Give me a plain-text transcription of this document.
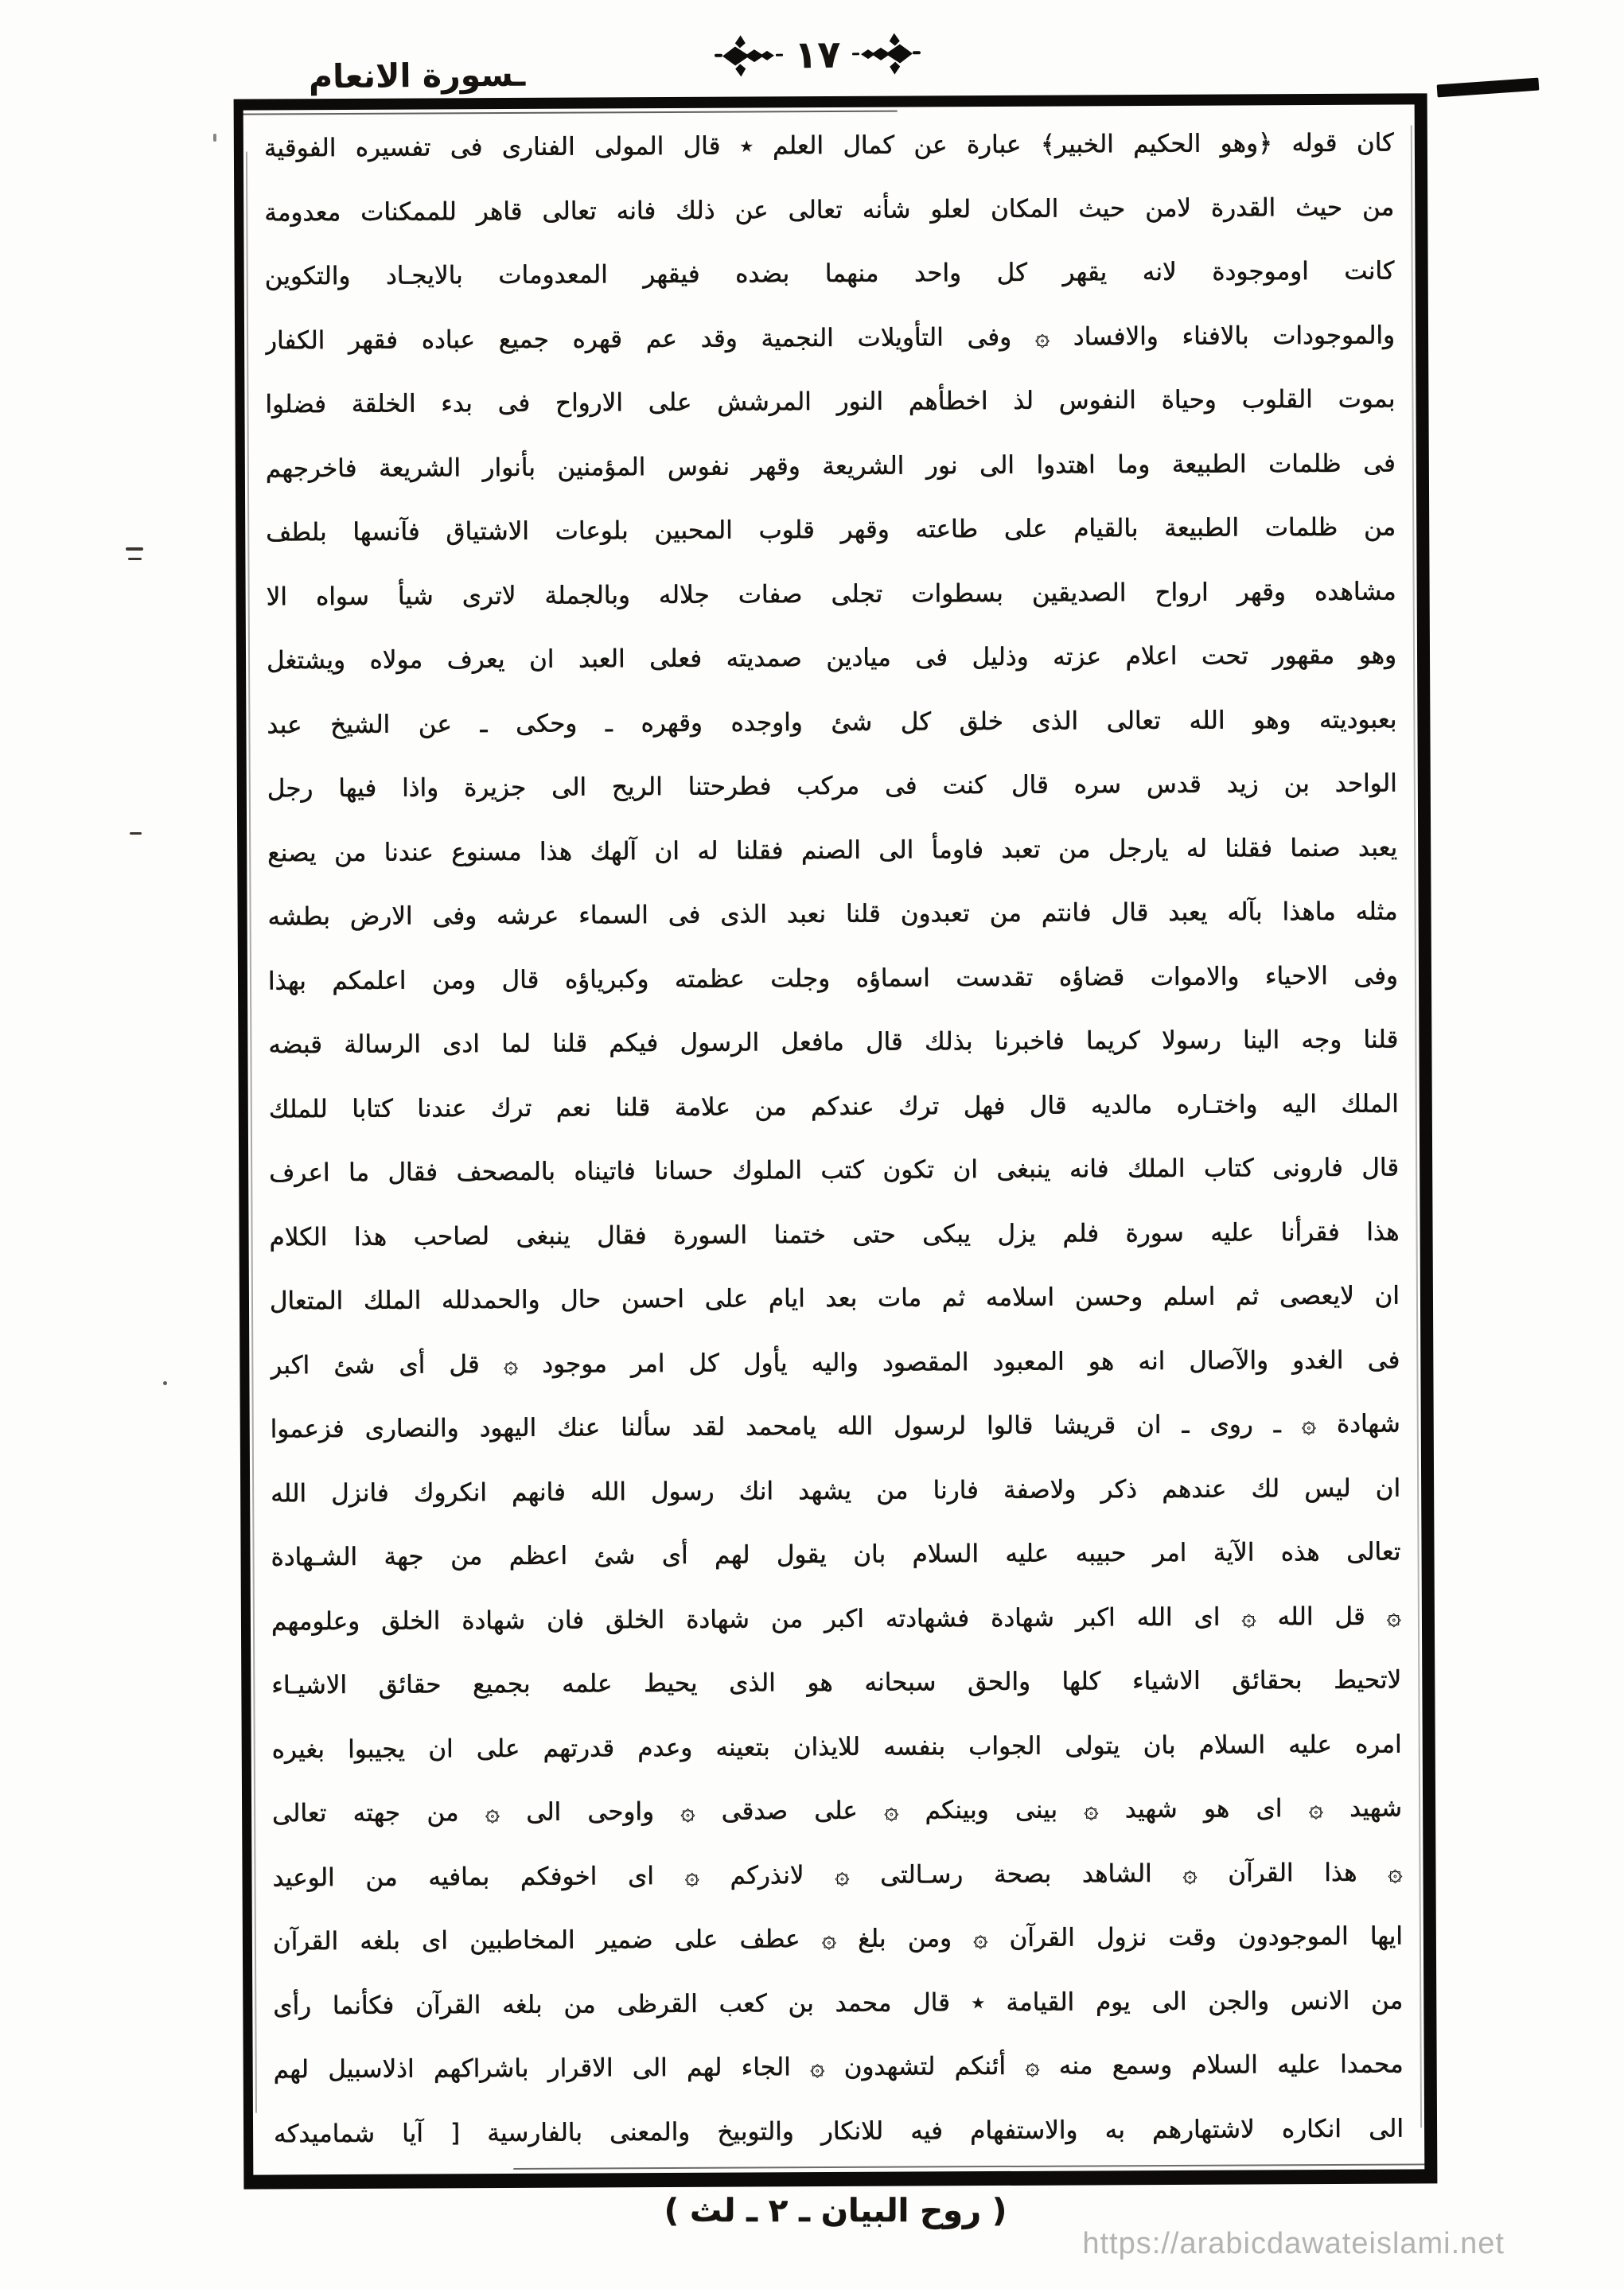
ـسورة الانعام	١٧
كان قوله ﴿وهو الحكيم الخبير﴾ عبارة عن كمال العلم ٭ قال المولى الفنارى فى تفسيره الفوقية
من حيث القدرة لامن حيث المكان لعلو شأنه تعالى عن ذلك فانه تعالى قاهر للممكنات معدومة
كانت اوموجودة لانه يقهر كل واحد منهما بضده فيقهر المعدومات بالايجـاد والتكوين
والموجودات بالافناء والافساد ۞ وفى التأويلات النجمية وقد عم قهره جميع عباده فقهر الكفار
بموت القلوب وحياة النفوس لذ اخطأهم النور المرشش على الارواح فى بدء الخلقة فضلوا
فى ظلمات الطبيعة وما اهتدوا الى نور الشريعة وقهر نفوس المؤمنين بأنوار الشريعة فاخرجهم
من ظلمات الطبيعة بالقيام على طاعته وقهر قلوب المحبين بلوعات الاشتياق فآنسها بلطف
مشاهده وقهر ارواح الصديقين بسطوات تجلى صفات جلاله وبالجملة لاترى شيأ سواه الا
وهو مقهور تحت اعلام عزته وذليل فى ميادين صمديته فعلى العبد ان يعرف مولاه ويشتغل
بعبوديته وهو الله تعالى الذى خلق كل شئ واوجده وقهره ـ وحكى ـ عن الشيخ عبد
الواحد بن زيد قدس سره قال كنت فى مركب فطرحتنا الريح الى جزيرة واذا فيها رجل
يعبد صنما فقلنا له يارجل من تعبد فاومأ الى الصنم فقلنا له ان آلهك هذا مسنوع عندنا من يصنع
مثله ماهذا بآله يعبد قال فانتم من تعبدون قلنا نعبد الذى فى السماء عرشه وفى الارض بطشه
وفى الاحياء والاموات قضاؤه تقدست اسماؤه وجلت عظمته وكبرياؤه قال ومن اعلمكم بهذا
قلنا وجه الينا رسولا كريما فاخبرنا بذلك قال مافعل الرسول فيكم قلنا لما ادى الرسالة قبضه
الملك اليه واختـاره مالديه قال فهل ترك عندكم من علامة قلنا نعم ترك عندنا كتابا للملك
قال فارونى كتاب الملك فانه ينبغى ان تكون كتب الملوك حسانا فاتيناه بالمصحف فقال ما اعرف
هذا فقرأنا عليه سورة فلم يزل يبكى حتى ختمنا السورة فقال ينبغى لصاحب هذا الكلام
ان لايعصى ثم اسلم وحسن اسلامه ثم مات بعد ايام على احسن حال والحمدلله الملك المتعال
فى الغدو والآصال انه هو المعبود المقصود واليه يأول كل امر موجود ۞ قل أى شئ اكبر
شهادة ۞ ـ روى ـ ان قريشا قالوا لرسول الله يامحمد لقد سألنا عنك اليهود والنصارى فزعموا
ان ليس لك عندهم ذكر ولاصفة فارنا من يشهد انك رسول الله فانهم انكروك فانزل الله
تعالى هذه الآية امر حبيبه عليه السلام بان يقول لهم أى شئ اعظم من جهة الشـهادة
۞ قل الله ۞ اى الله اكبر شهادة فشهادته اكبر من شهادة الخلق فان شهادة الخلق وعلومهم
لاتحيط بحقائق الاشياء كلها والحق سبحانه هو الذى يحيط علمه بجميع حقائق الاشيـاء
امره عليه السلام بان يتولى الجواب بنفسه للايذان بتعينه وعدم قدرتهم على ان يجيبوا بغيره
شهيد ۞ اى هو شهيد ۞ بينى وبينكم ۞ على صدقى ۞ واوحى الى ۞ من جهته تعالى
۞ هذا القرآن ۞ الشاهد بصحة رسـالتى ۞ لانذركم ۞ اى اخوفكم بمافيه من الوعيد
ايها الموجودون وقت نزول القرآن ۞ ومن بلغ ۞ عطف على ضمير المخاطبين اى بلغه القرآن
من الانس والجن الى يوم القيامة ٭ قال محمد بن كعب القرظى من بلغه القرآن فكأنما رأى
محمدا عليه السلام وسمع منه ۞ أئنكم لتشهدون ۞ الجاء لهم الى الاقرار باشراكهم اذلاسبيل لهم
الى انكاره لاشتهارهم به والاستفهام فيه للانكار والتوبيخ والمعنى بالفارسية [ آيا شماميدكه
( روح البيان ـ ٢ ـ لث )
https://arabicdawateislami.net
